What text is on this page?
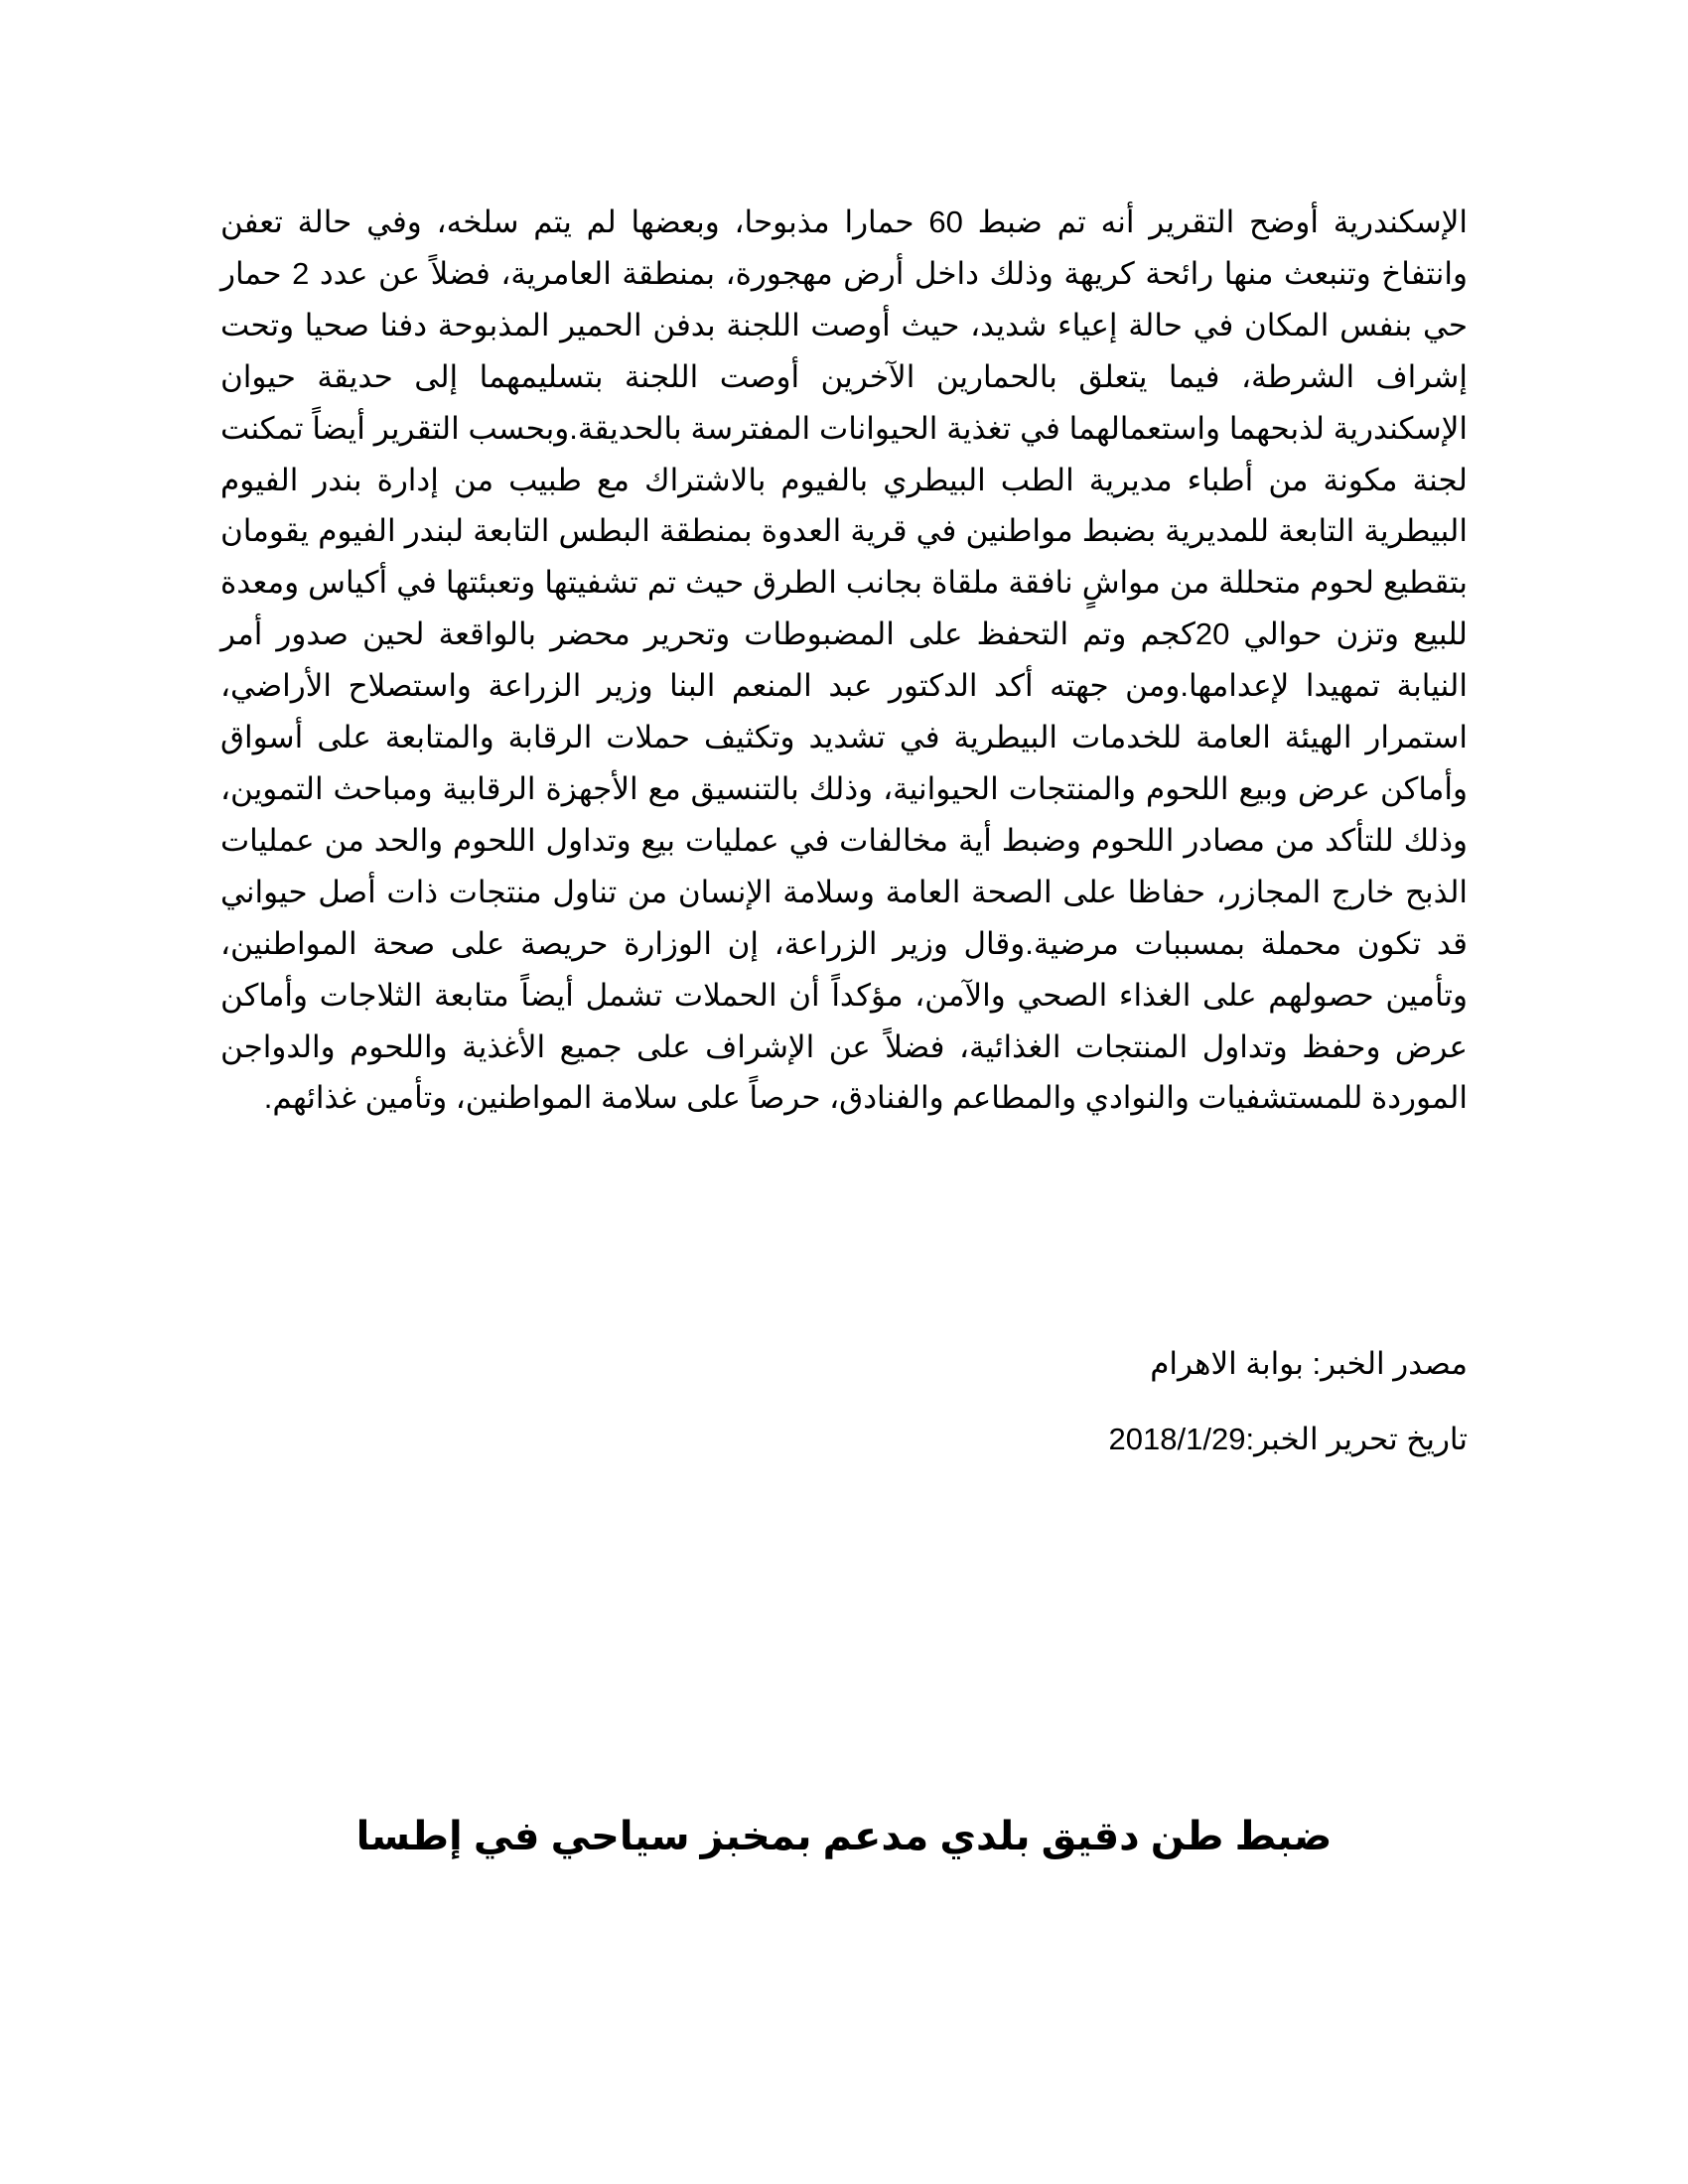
الإسكندرية أوضح التقرير أنه تم ضبط 60 حمارا مذبوحا، وبعضها لم يتم سلخه، وفي حالة تعفن وانتفاخ وتنبعث منها رائحة كريهة وذلك داخل أرض مهجورة، بمنطقة العامرية، فضلاً عن عدد 2 حمار حي بنفس المكان في حالة إعياء شديد، حيث أوصت اللجنة بدفن الحمير المذبوحة دفنا صحيا وتحت إشراف الشرطة، فيما يتعلق بالحمارين الآخرين أوصت اللجنة بتسليمهما إلى حديقة حيوان الإسكندرية لذبحهما واستعمالهما في تغذية الحيوانات المفترسة بالحديقة.وبحسب التقرير أيضاً تمكنت لجنة مكونة من أطباء مديرية الطب البيطري بالفيوم بالاشتراك مع طبيب من إدارة بندر الفيوم البيطرية التابعة للمديرية بضبط مواطنين في قرية العدوة بمنطقة البطس التابعة لبندر الفيوم يقومان بتقطيع لحوم متحللة من مواشٍ نافقة ملقاة بجانب الطرق حيث تم تشفيتها وتعبئتها في أكياس ومعدة للبيع وتزن حوالي 20كجم وتم التحفظ على المضبوطات وتحرير محضر بالواقعة لحين صدور أمر النيابة تمهيدا لإعدامها.ومن جهته أكد الدكتور عبد المنعم البنا وزير الزراعة واستصلاح الأراضي، استمرار الهيئة العامة للخدمات البيطرية في تشديد وتكثيف حملات الرقابة والمتابعة على أسواق وأماكن عرض وبيع اللحوم والمنتجات الحيوانية، وذلك بالتنسيق مع الأجهزة الرقابية ومباحث التموين، وذلك للتأكد من مصادر اللحوم وضبط أية مخالفات في عمليات بيع وتداول اللحوم والحد من عمليات الذبح خارج المجازر، حفاظا على الصحة العامة وسلامة الإنسان من تناول منتجات ذات أصل حيواني قد تكون محملة بمسببات مرضية.وقال وزير الزراعة، إن الوزارة حريصة على صحة المواطنين، وتأمين حصولهم على الغذاء الصحي والآمن، مؤكداً أن الحملات تشمل أيضاً متابعة الثلاجات وأماكن عرض وحفظ وتداول المنتجات الغذائية، فضلاً عن الإشراف على جميع الأغذية واللحوم والدواجن الموردة للمستشفيات والنوادي والمطاعم والفنادق، حرصاً على سلامة المواطنين، وتأمين غذائهم.

مصدر الخبر: بوابة الاهرام

تاريخ تحرير الخبر:2018/1/29

ضبط طن دقيق بلدي مدعم بمخبز سياحي في إطسا
